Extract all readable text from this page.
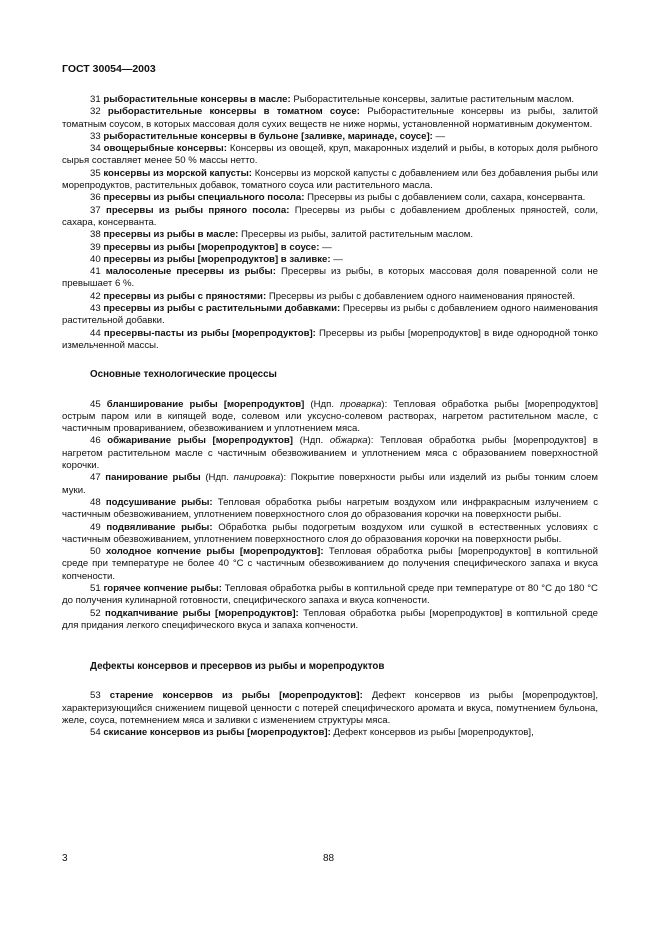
ГОСТ 30054—2003

31 рыборастительные консервы в масле: Рыборастительные консервы, залитые растительным маслом.

32 рыборастительные консервы в томатном соусе: Рыборастительные консервы из рыбы, залитой томатным соусом, в которых массовая доля сухих веществ не ниже нормы, установленной нормативным документом.

33 рыборастительные консервы в бульоне [заливке, маринаде, соусе]: —

34 овощерыбные консервы: Консервы из овощей, круп, макаронных изделий и рыбы, в которых доля рыбного сырья составляет менее 50 % массы нетто.

35 консервы из морской капусты: Консервы из морской капусты с добавлением или без добавления рыбы или морепродуктов, растительных добавок, томатного соуса или растительного масла.

36 пресервы из рыбы специального посола: Пресервы из рыбы с добавлением соли, сахара, консерванта.

37 пресервы из рыбы пряного посола: Пресервы из рыбы с добавлением дробленых пряностей, соли, сахара, консерванта.

38 пресервы из рыбы в масле: Пресервы из рыбы, залитой растительным маслом.

39 пресервы из рыбы [морепродуктов] в соусе: —

40 пресервы из рыбы [морепродуктов] в заливке: —

41 малосоленые пресервы из рыбы: Пресервы из рыбы, в которых массовая доля поваренной соли не превышает 6 %.

42 пресервы из рыбы с пряностями: Пресервы из рыбы с добавлением одного наименования пряностей.

43 пресервы из рыбы с растительными добавками: Пресервы из рыбы с добавлением одного наименования растительной добавки.

44 пресервы-пасты из рыбы [морепродуктов]: Пресервы из рыбы [морепродуктов] в виде однородной тонко измельченной массы.

Основные технологические процессы

45 бланширование рыбы [морепродуктов] (Ндп. проварка): Тепловая обработка рыбы [морепродуктов] острым паром или в кипящей воде, солевом или уксусно-солевом растворах, нагретом растительном масле, с частичным провариванием, обезвоживанием и уплотнением мяса.

46 обжаривание рыбы [морепродуктов] (Ндп. обжарка): Тепловая обработка рыбы [морепродуктов] в нагретом растительном масле с частичным обезвоживанием и уплотнением мяса с образованием поверхностной корочки.

47 панирование рыбы (Ндп. панировка): Покрытие поверхности рыбы или изделий из рыбы тонким слоем муки.

48 подсушивание рыбы: Тепловая обработка рыбы нагретым воздухом или инфракрасным излучением с частичным обезвоживанием, уплотнением поверхностного слоя до образования корочки на поверхности рыбы.

49 подвяливание рыбы: Обработка рыбы подогретым воздухом или сушкой в естественных условиях с частичным обезвоживанием, уплотнением поверхностного слоя до образования корочки на поверхности рыбы.

50 холодное копчение рыбы [морепродуктов]: Тепловая обработка рыбы [морепродуктов] в коптильной среде при температуре не более 40 °С с частичным обезвоживанием до получения специфического запаха и вкуса копчености.

51 горячее копчение рыбы: Тепловая обработка рыбы в коптильной среде при температуре от 80 °С до 180 °С до получения кулинарной готовности, специфического запаха и вкуса копчености.

52 подкапчивание рыбы [морепродуктов]: Тепловая обработка рыбы [морепродуктов] в коптильной среде для придания легкого специфического вкуса и запаха копчености.

Дефекты консервов и пресервов из рыбы и морепродуктов

53 старение консервов из рыбы [морепродуктов]: Дефект консервов из рыбы [морепродуктов], характеризующийся снижением пищевой ценности с потерей специфического аромата и вкуса, помутнением бульона, желе, соуса, потемнением мяса и заливки с изменением структуры мяса.

54 скисание консервов из рыбы [морепродуктов]: Дефект консервов из рыбы [морепродуктов],

3	88
